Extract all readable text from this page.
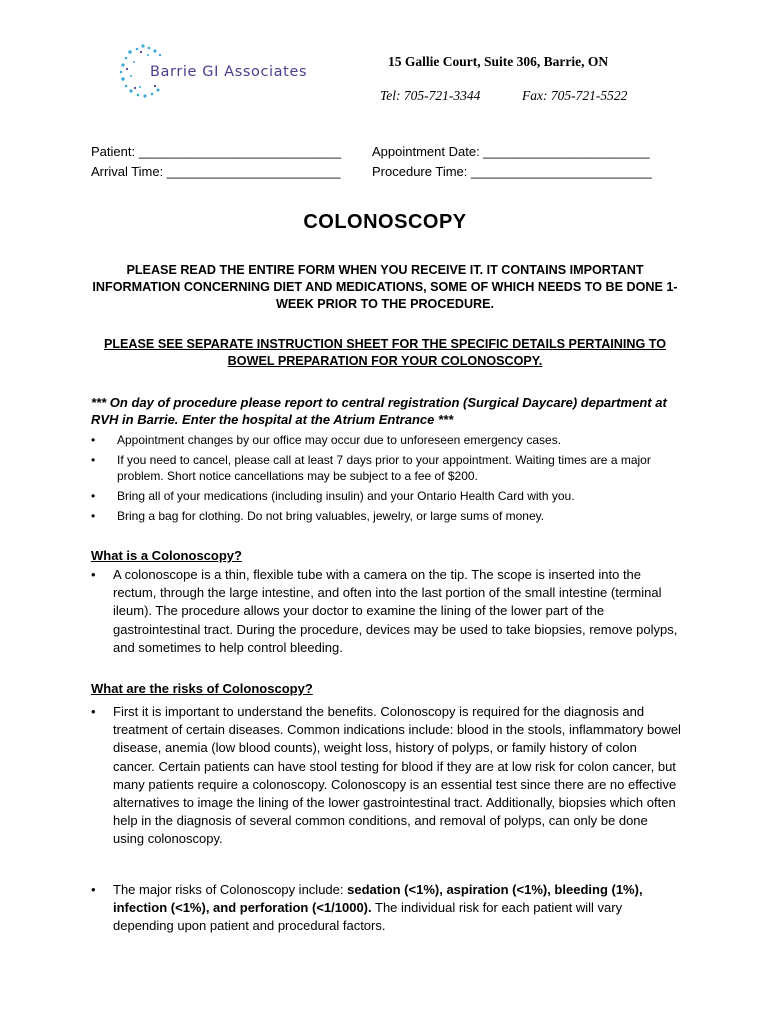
Barrie GI Associates
15 Gallie Court, Suite 306, Barrie, ON
Tel: 705-721-3344	Fax: 705-721-5522
Patient: ____________________________
Arrival Time: ________________________
Appointment Date: _______________________
Procedure Time: _________________________
COLONOSCOPY
PLEASE READ THE ENTIRE FORM WHEN YOU RECEIVE IT. IT CONTAINS IMPORTANT INFORMATION CONCERNING DIET AND MEDICATIONS, SOME OF WHICH NEEDS TO BE DONE 1-WEEK PRIOR TO THE PROCEDURE.
PLEASE SEE SEPARATE INSTRUCTION SHEET FOR THE SPECIFIC DETAILS PERTAINING TO BOWEL PREPARATION FOR YOUR COLONOSCOPY.
*** On day of procedure please report to central registration (Surgical Daycare) department at RVH in Barrie. Enter the hospital at the Atrium Entrance ***
• Appointment changes by our office may occur due to unforeseen emergency cases.
• If you need to cancel, please call at least 7 days prior to your appointment. Waiting times are a major problem. Short notice cancellations may be subject to a fee of $200.
• Bring all of your medications (including insulin) and your Ontario Health Card with you.
• Bring a bag for clothing. Do not bring valuables, jewelry, or large sums of money.
What is a Colonoscopy?
• A colonoscope is a thin, flexible tube with a camera on the tip. The scope is inserted into the rectum, through the large intestine, and often into the last portion of the small intestine (terminal ileum). The procedure allows your doctor to examine the lining of the lower part of the gastrointestinal tract. During the procedure, devices may be used to take biopsies, remove polyps, and sometimes to help control bleeding.
What are the risks of Colonoscopy?
• First it is important to understand the benefits. Colonoscopy is required for the diagnosis and treatment of certain diseases. Common indications include: blood in the stools, inflammatory bowel disease, anemia (low blood counts), weight loss, history of polyps, or family history of colon cancer. Certain patients can have stool testing for blood if they are at low risk for colon cancer, but many patients require a colonoscopy. Colonoscopy is an essential test since there are no effective alternatives to image the lining of the lower gastrointestinal tract. Additionally, biopsies which often help in the diagnosis of several common conditions, and removal of polyps, can only be done using colonoscopy.
• The major risks of Colonoscopy include: sedation (<1%), aspiration (<1%), bleeding (1%), infection (<1%), and perforation (<1/1000). The individual risk for each patient will vary depending upon patient and procedural factors.
